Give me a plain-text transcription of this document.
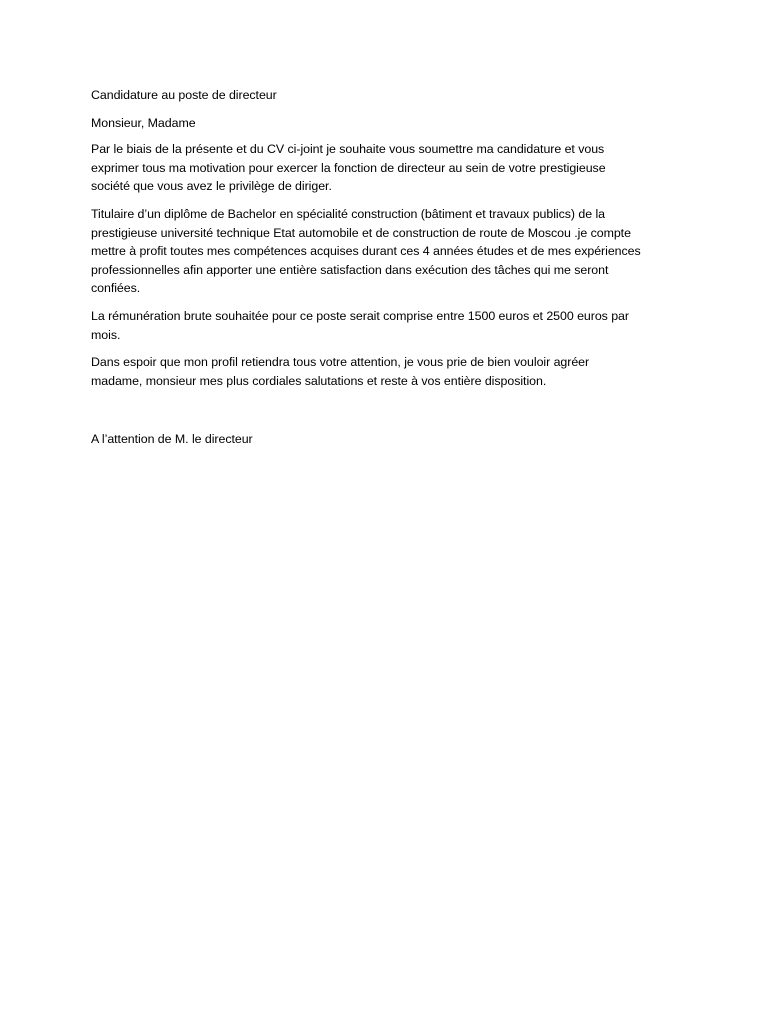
Candidature au poste de directeur
Monsieur, Madame
Par le biais de la présente et du CV ci-joint je souhaite vous soumettre ma candidature et vous
exprimer tous ma motivation pour exercer la fonction de directeur au sein de votre prestigieuse
société que vous avez le privilège de diriger.
Titulaire d’un diplôme de Bachelor en spécialité construction (bâtiment et travaux publics) de la
prestigieuse université technique Etat automobile et de construction de route de Moscou .je compte
mettre à profit toutes mes compétences acquises durant ces 4 années études et de mes expériences
professionnelles afin apporter une entière satisfaction dans exécution des tâches qui me seront
confiées.
La rémunération brute souhaitée pour ce poste serait comprise entre 1500 euros et 2500 euros par
mois.
Dans espoir que mon profil retiendra tous votre attention, je vous prie de bien vouloir agréer
madame, monsieur mes plus cordiales salutations et reste à vos entière disposition.
A l’attention de M. le directeur
